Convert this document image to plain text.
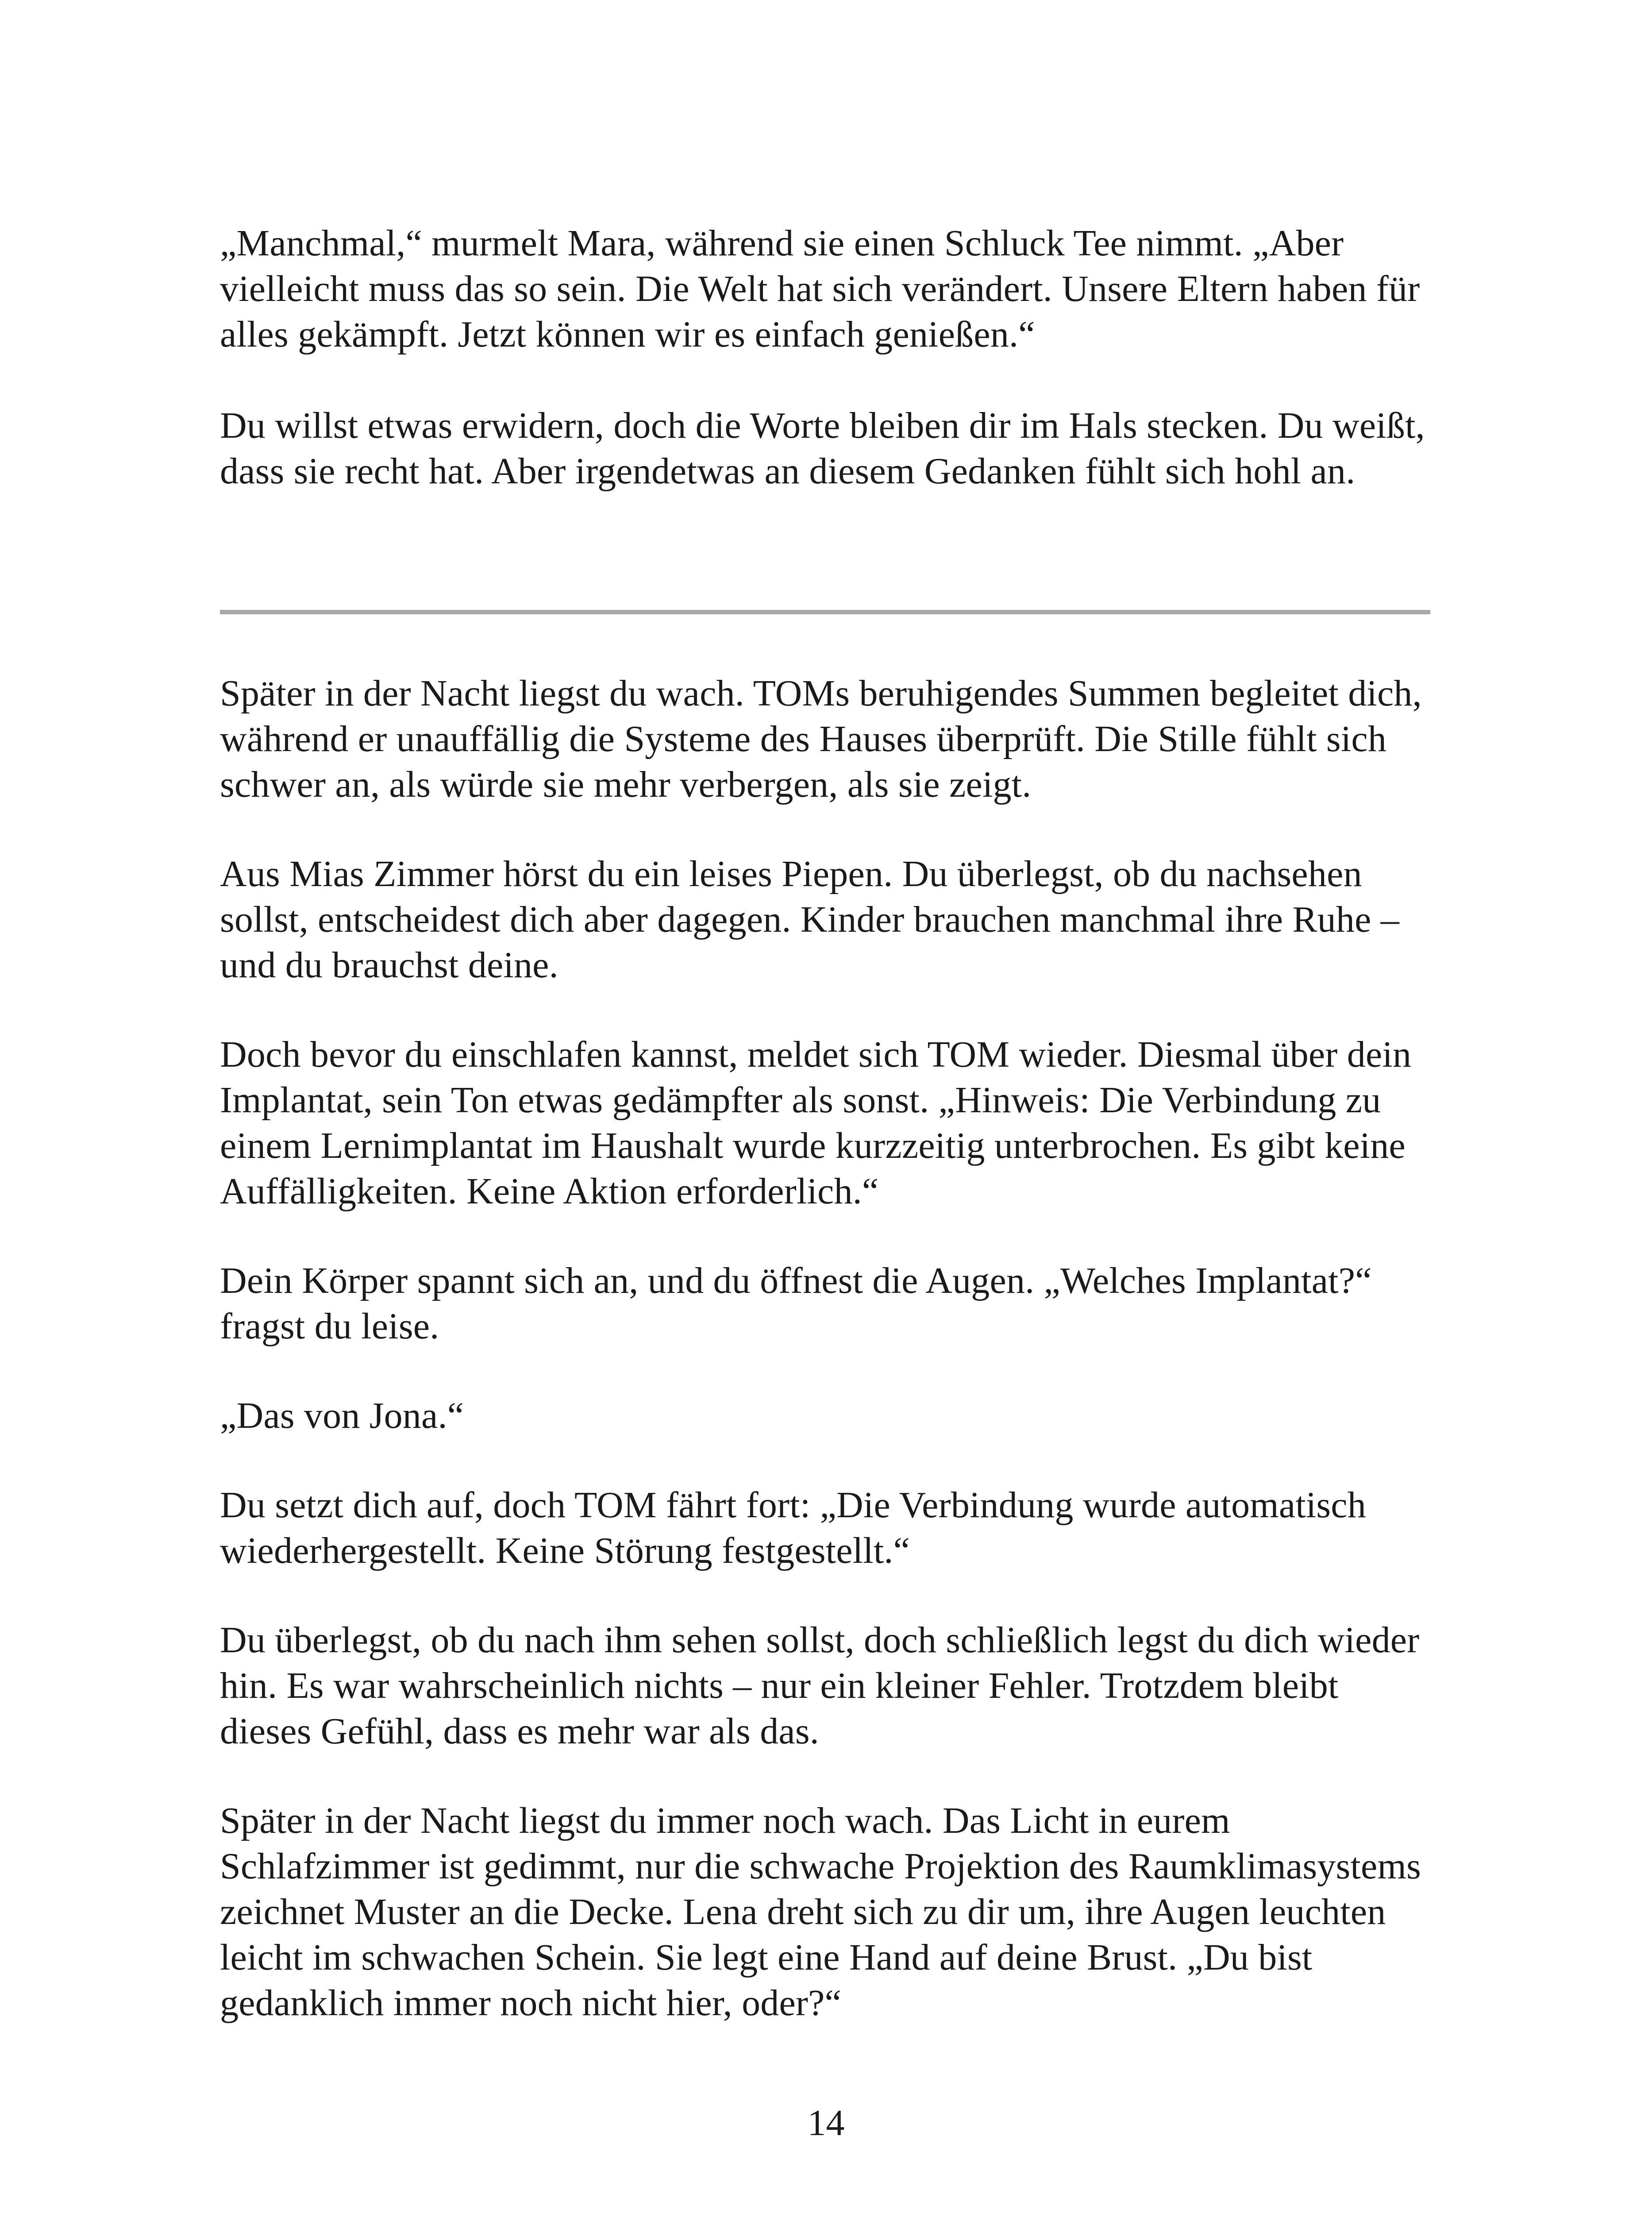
„Manchmal,“ murmelt Mara, während sie einen Schluck Tee nimmt. „Aber vielleicht muss das so sein. Die Welt hat sich verändert. Unsere Eltern haben für alles gekämpft. Jetzt können wir es einfach genießen.“

Du willst etwas erwidern, doch die Worte bleiben dir im Hals stecken. Du weißt, dass sie recht hat. Aber irgendetwas an diesem Gedanken fühlt sich hohl an.

Später in der Nacht liegst du wach. TOMs beruhigendes Summen begleitet dich, während er unauffällig die Systeme des Hauses überprüft. Die Stille fühlt sich schwer an, als würde sie mehr verbergen, als sie zeigt.

Aus Mias Zimmer hörst du ein leises Piepen. Du überlegst, ob du nachsehen sollst, entscheidest dich aber dagegen. Kinder brauchen manchmal ihre Ruhe – und du brauchst deine.

Doch bevor du einschlafen kannst, meldet sich TOM wieder. Diesmal über dein Implantat, sein Ton etwas gedämpfter als sonst. „Hinweis: Die Verbindung zu einem Lernimplantat im Haushalt wurde kurzzeitig unterbrochen. Es gibt keine Auffälligkeiten. Keine Aktion erforderlich.“

Dein Körper spannt sich an, und du öffnest die Augen. „Welches Implantat?“ fragst du leise.

„Das von Jona.“

Du setzt dich auf, doch TOM fährt fort: „Die Verbindung wurde automatisch wiederhergestellt. Keine Störung festgestellt.“

Du überlegst, ob du nach ihm sehen sollst, doch schließlich legst du dich wieder hin. Es war wahrscheinlich nichts – nur ein kleiner Fehler. Trotzdem bleibt dieses Gefühl, dass es mehr war als das.

Später in der Nacht liegst du immer noch wach. Das Licht in eurem Schlafzimmer ist gedimmt, nur die schwache Projektion des Raumklimasystems zeichnet Muster an die Decke. Lena dreht sich zu dir um, ihre Augen leuchten leicht im schwachen Schein. Sie legt eine Hand auf deine Brust. „Du bist gedanklich immer noch nicht hier, oder?“

14
